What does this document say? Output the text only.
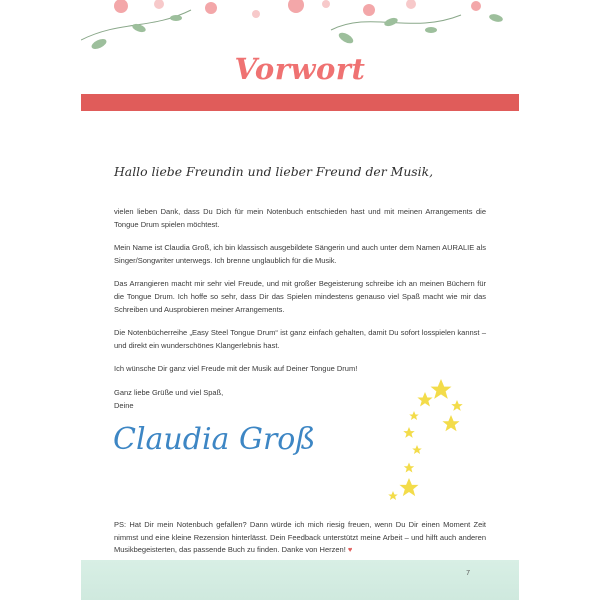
Vorwort
Hallo liebe Freundin und lieber Freund der Musik,

vielen lieben Dank, dass Du Dich für mein Notenbuch entschieden hast und mit meinen Arrangements die Tongue Drum spielen möchtest.

Mein Name ist Claudia Groß, ich bin klassisch ausgebildete Sängerin und auch unter dem Namen AURALIE als Singer/Songwriter unterwegs. Ich brenne unglaublich für die Musik.

Das Arrangieren macht mir sehr viel Freude, und mit großer Begeisterung schreibe ich an meinen Büchern für die Tongue Drum. Ich hoffe so sehr, dass Dir das Spielen mindestens genauso viel Spaß macht wie mir das Schreiben und Ausprobieren meiner Arrangements.

Die Notenbücherreihe „Easy Steel Tongue Drum“ ist ganz einfach gehalten, damit Du sofort losspielen kannst – und direkt ein wunderschönes Klangerlebnis hast.

Ich wünsche Dir ganz viel Freude mit der Musik auf Deiner Tongue Drum!

Ganz liebe Grüße und viel Spaß,
Deine

Claudia Groß
PS: Hat Dir mein Notenbuch gefallen? Dann würde ich mich riesig freuen, wenn Du Dir einen Moment Zeit nimmst und eine kleine Rezension hinterlässt. Dein Feedback unterstützt meine Arbeit – und hilft auch anderen Musikbegeisterten, das passende Buch zu finden. Danke von Herzen! ♥
7
